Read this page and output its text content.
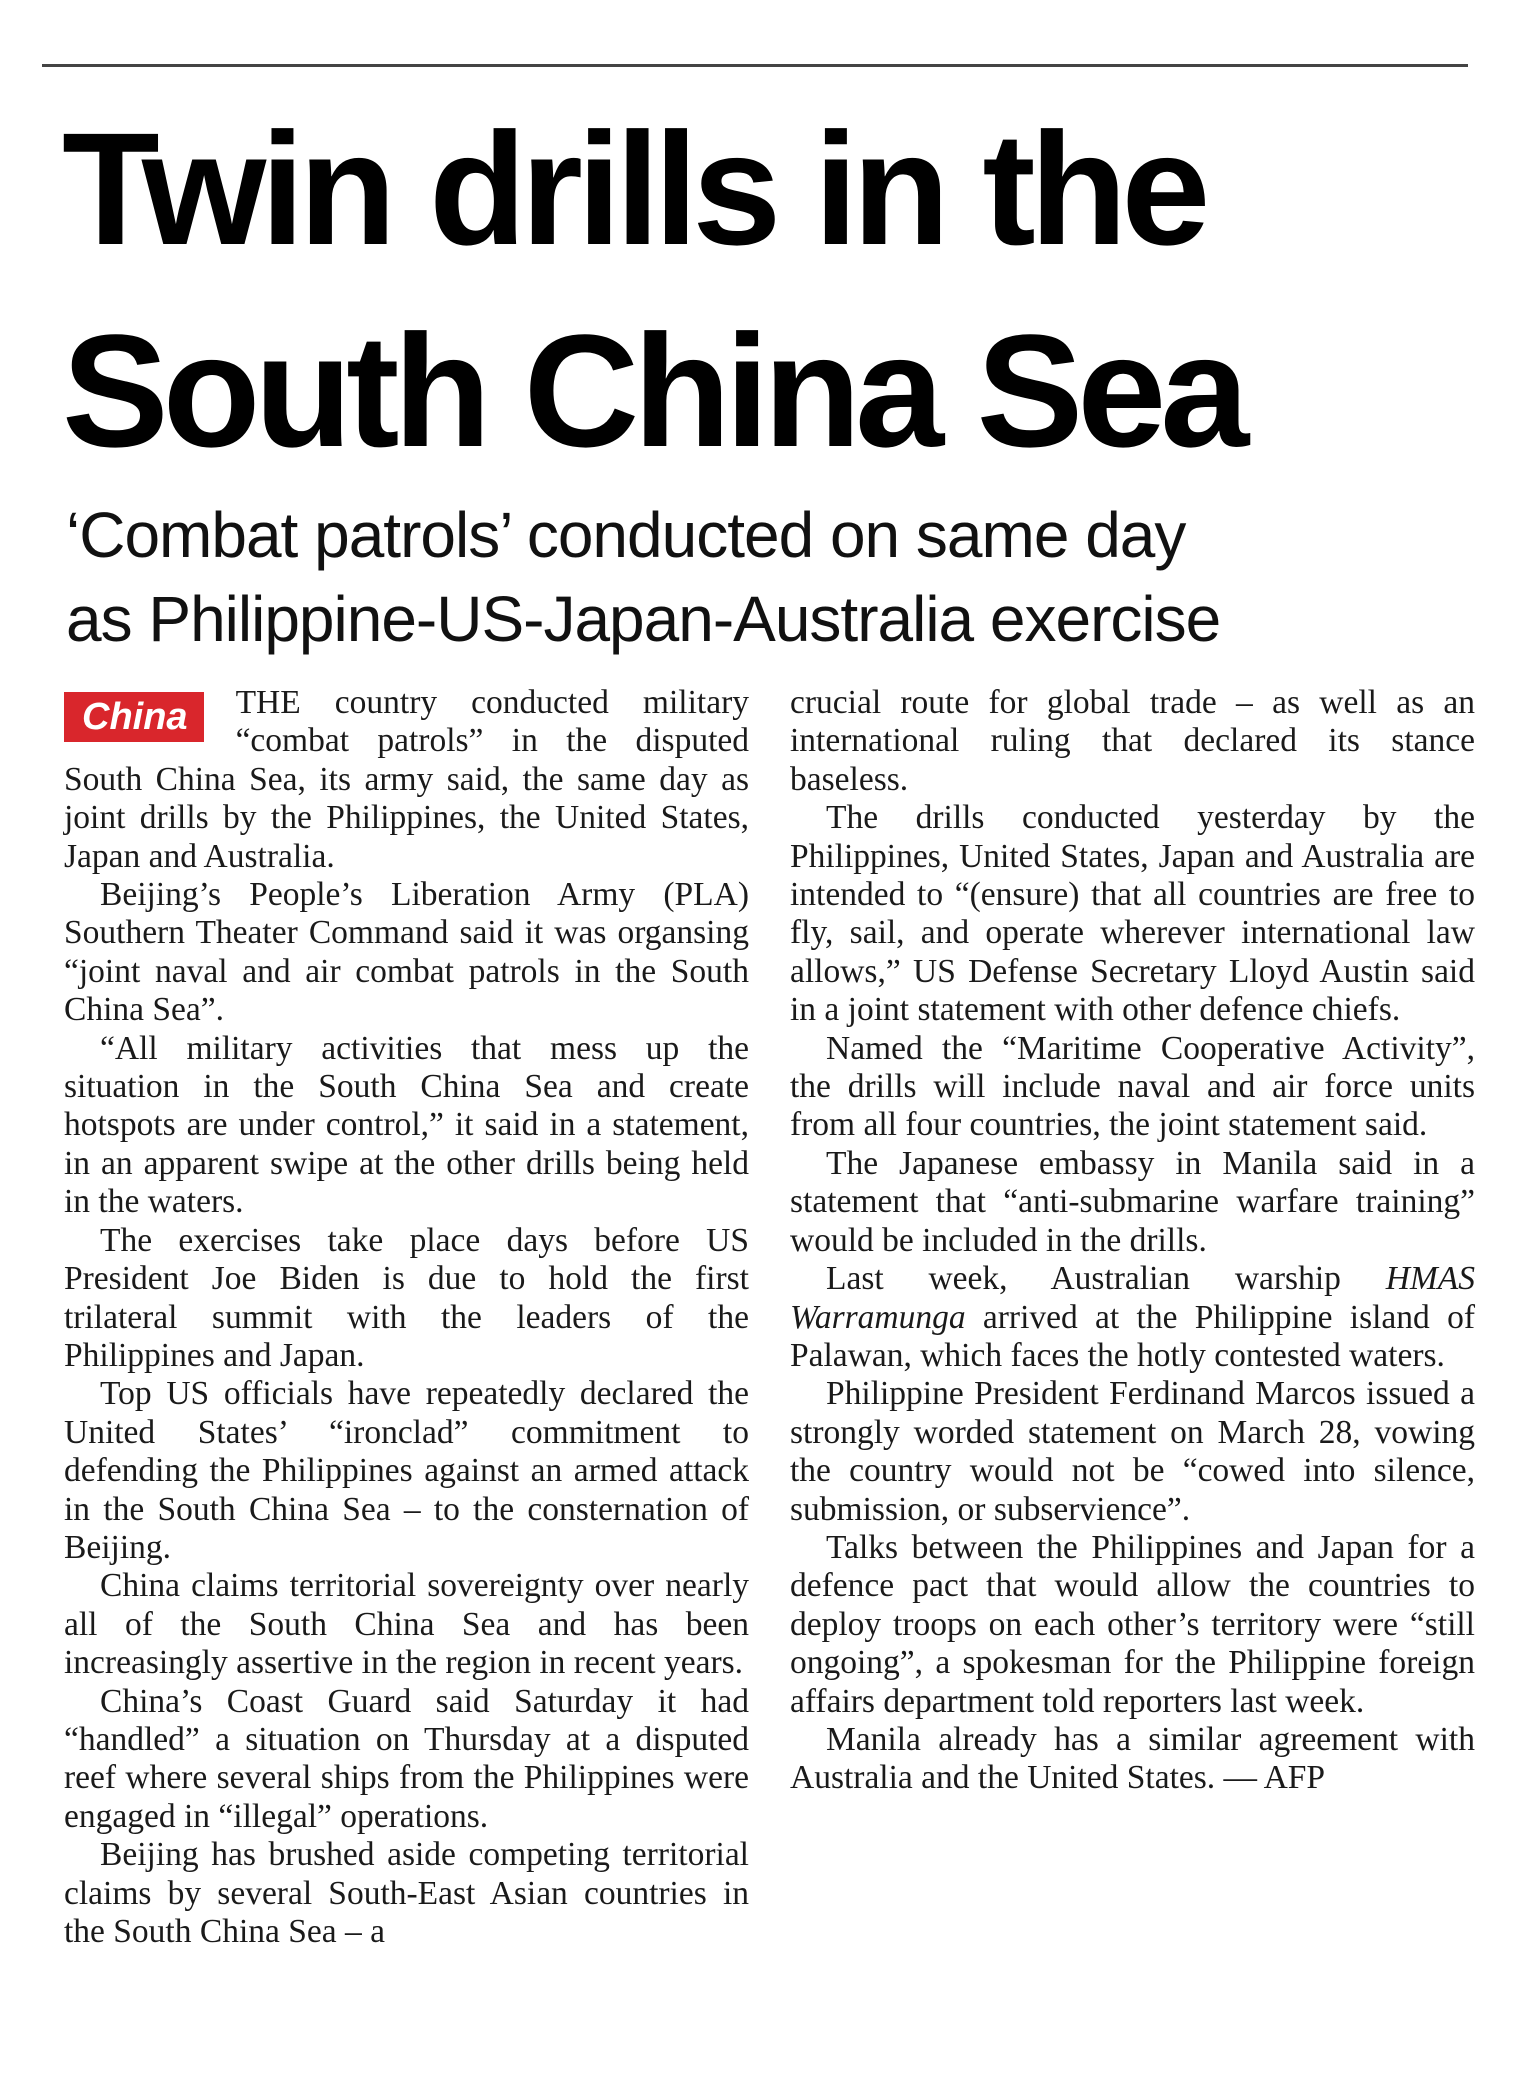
Twin drills in the
South China Sea
‘Combat patrols’ conducted on same day
as Philippine-US-Japan-Australia exercise

China	THE country conducted military “combat patrols” in the disputed South China Sea, its army said, the same day as joint drills by the Philippines, the United States, Japan and Australia.

Beijing’s People’s Liberation Army (PLA) Southern Theater Command said it was organsing “joint naval and air combat patrols in the South China Sea”.

“All military activities that mess up the situation in the South China Sea and create hotspots are under control,” it said in a statement, in an apparent swipe at the other drills being held in the waters.

The exercises take place days before US President Joe Biden is due to hold the first trilateral summit with the leaders of the Philippines and Japan.

Top US officials have repeatedly declared the United States’ “ironclad” commitment to defending the Philippines against an armed attack in the South China Sea – to the consternation of Beijing.

China claims territorial sovereignty over nearly all of the South China Sea and has been increasingly assertive in the region in recent years.

China’s Coast Guard said Saturday it had “handled” a situation on Thursday at a disputed reef where several ships from the Philippines were engaged in “illegal” operations.

Beijing has brushed aside competing territorial claims by several South-East Asian countries in the South China Sea – a

crucial route for global trade – as well as an international ruling that declared its stance baseless.

The drills conducted yesterday by the Philippines, United States, Japan and Australia are intended to “(ensure) that all countries are free to fly, sail, and operate wherever international law allows,” US Defense Secretary Lloyd Austin said in a joint statement with other defence chiefs.

Named the “Maritime Cooperative Activity”, the drills will include naval and air force units from all four countries, the joint statement said.

The Japanese embassy in Manila said in a statement that “anti-submarine warfare training” would be included in the drills.

Last week, Australian warship HMAS Warramunga arrived at the Philippine island of Palawan, which faces the hotly contested waters.

Philippine President Ferdinand Marcos issued a strongly worded statement on March 28, vowing the country would not be “cowed into silence, submission, or subservience”.

Talks between the Philippines and Japan for a defence pact that would allow the countries to deploy troops on each other’s territory were “still ongoing”, a spokesman for the Philippine foreign affairs department told reporters last week.

Manila already has a similar agreement with Australia and the United States. — AFP
